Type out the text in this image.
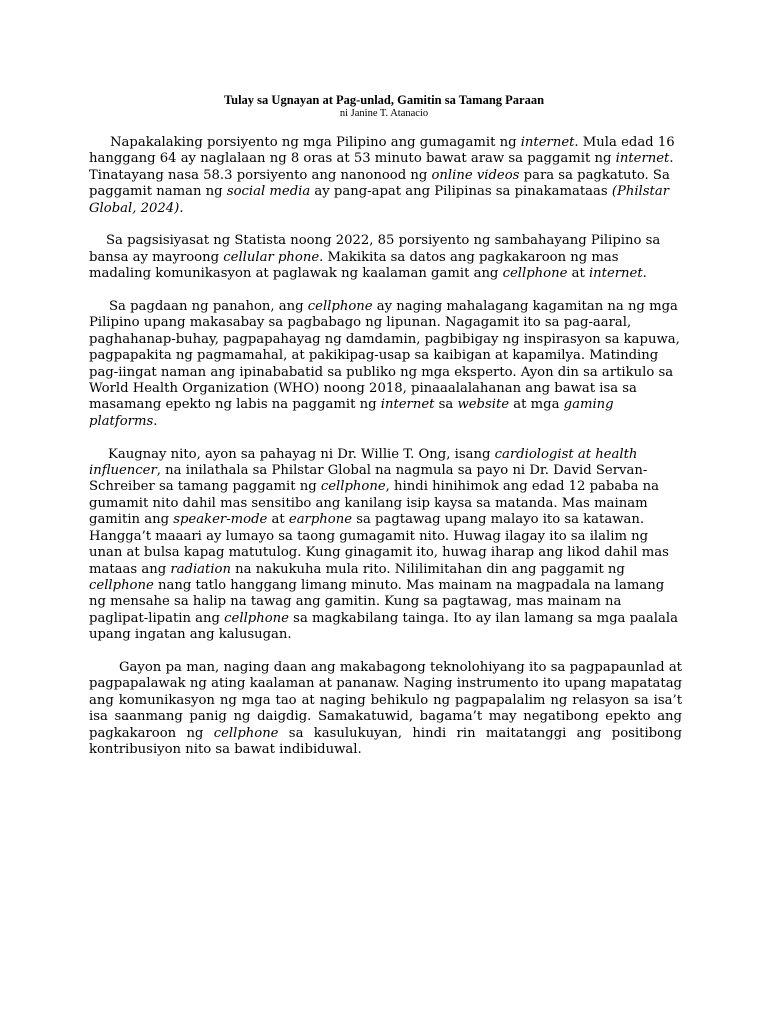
Tulay sa Ugnayan at Pag-unlad, Gamitin sa Tamang Paraan

ni Janine T. Atanacio

Napakalaking porsiyento ng mga Pilipino ang gumagamit ng internet. Mula edad 16 hanggang 64 ay naglalaan ng 8 oras at 53 minuto bawat araw sa paggamit ng internet. Tinatayang nasa 58.3 porsiyento ang nanonood ng online videos para sa pagkatuto. Sa paggamit naman ng social media ay pang-apat ang Pilipinas sa pinakamataas (Philstar Global, 2024).

Sa pagsisiyasat ng Statista noong 2022, 85 porsiyento ng sambahayang Pilipino sa bansa ay mayroong cellular phone. Makikita sa datos ang pagkakaroon ng mas madaling komunikasyon at paglawak ng kaalaman gamit ang cellphone at internet.

Sa pagdaan ng panahon, ang cellphone ay naging mahalagang kagamitan na ng mga Pilipino upang makasabay sa pagbabago ng lipunan. Nagagamit ito sa pag-aaral, paghahanap-buhay, pagpapahayag ng damdamin, pagbibigay ng inspirasyon sa kapuwa, pagpapakita ng pagmamahal, at pakikipag-usap sa kaibigan at kapamilya. Matinding pag-iingat naman ang ipinababatid sa publiko ng mga eksperto. Ayon din sa artikulo sa World Health Organization (WHO) noong 2018, pinaaalalahanan ang bawat isa sa masamang epekto ng labis na paggamit ng internet sa website at mga gaming platforms.

Kaugnay nito, ayon sa pahayag ni Dr. Willie T. Ong, isang cardiologist at health influencer, na inilathala sa Philstar Global na nagmula sa payo ni Dr. David Servan-Schreiber sa tamang paggamit ng cellphone, hindi hinihimok ang edad 12 pababa na gumamit nito dahil mas sensitibo ang kanilang isip kaysa sa matanda. Mas mainam gamitin ang speaker-mode at earphone sa pagtawag upang malayo ito sa katawan. Hangga’t maaari ay lumayo sa taong gumagamit nito. Huwag ilagay ito sa ilalim ng unan at bulsa kapag matutulog. Kung ginagamit ito, huwag iharap ang likod dahil mas mataas ang radiation na nakukuha mula rito. Nililimitahan din ang paggamit ng cellphone nang tatlo hanggang limang minuto. Mas mainam na magpadala na lamang ng mensahe sa halip na tawag ang gamitin. Kung sa pagtawag, mas mainam na paglipat-lipatin ang cellphone sa magkabilang tainga. Ito ay ilan lamang sa mga paalala upang ingatan ang kalusugan.

Gayon pa man, naging daan ang makabagong teknolohiyang ito sa pagpapaunlad at pagpapalawak ng ating kaalaman at pananaw. Naging instrumento ito upang mapatatag ang komunikasyon ng mga tao at naging behikulo ng pagpapalalim ng relasyon sa isa’t isa saanmang panig ng daigdig. Samakatuwid, bagama’t may negatibong epekto ang pagkakaroon ng cellphone sa kasulukuyan, hindi rin maitatanggi ang positibong kontribusiyon nito sa bawat indibiduwal.
